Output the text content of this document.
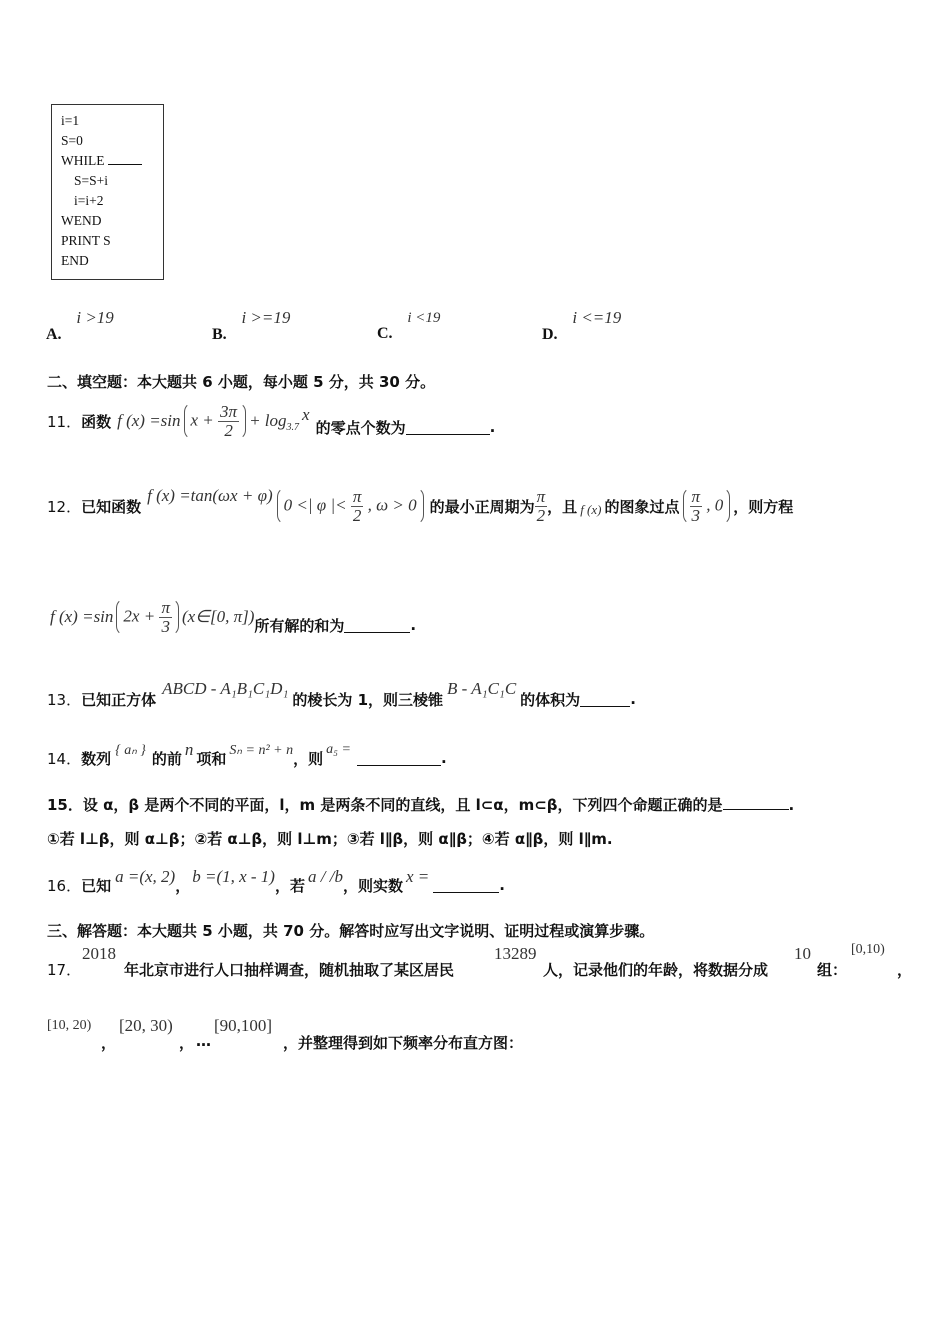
i=1
S=0
WHILE
S=S+i
i=i+2
WEND
PRINT S
END
A. i >19
B. i >=19
C. i <19
D. i <=19
二、填空题：本大题共 6 小题，每小题 5 分，共 30 分。
11． 函数 f (x) =sin $x + \frac{3\pi}{2} + \log 3.7$
x
的零点个数为	.
12． 已知函数
f (x) =tan(ωx + φ) 0 <| φ |< $\frac{\pi}{2}$ , ω > 0 的最小正周期为 $\frac{\pi}{2}$ ，且 f (x) 的图象过点 $\frac{\pi}{3}$ , 0 ，则方程
f (x) =sin $2x + \frac{\pi}{3}$ (x∈[0, π]) 所有解的和为	.
13． 已知正方体
ABCD - A₁B₁C₁D₁
的棱长为 1，则三棱锥
B - A₁C₁C
的体积为	.
14． 数列 { aₙ } 的前 n 项和 Sₙ = n² + n ，则 a₅ =	.
15．设 α，β 是两个不同的平面，l，m 是两条不同的直线，且 l⊂α，m⊂β，下列四个命题正确的是	.
①若 l⊥β，则 α⊥β；②若 α⊥β，则 l⊥m；③若 l∥β，则 α∥β；④若 α∥β，则 l∥m.
16． 已知 a =(x, 2) ， b =(1, x - 1) ，若 a / /b ，则实数 x =	.
三、解答题：本大题共 5 小题，共 70 分。解答时应写出文字说明、证明过程或演算步骤。
17．
2018
年北京市进行人口抽样调查，随机抽取了某区居民
13289
人，记录他们的年龄，将数据分成
10
组：
[0,10)
，
[10, 20)
，
[20, 30)
， …
[90,100]
，并整理得到如下频率分布直方图：
